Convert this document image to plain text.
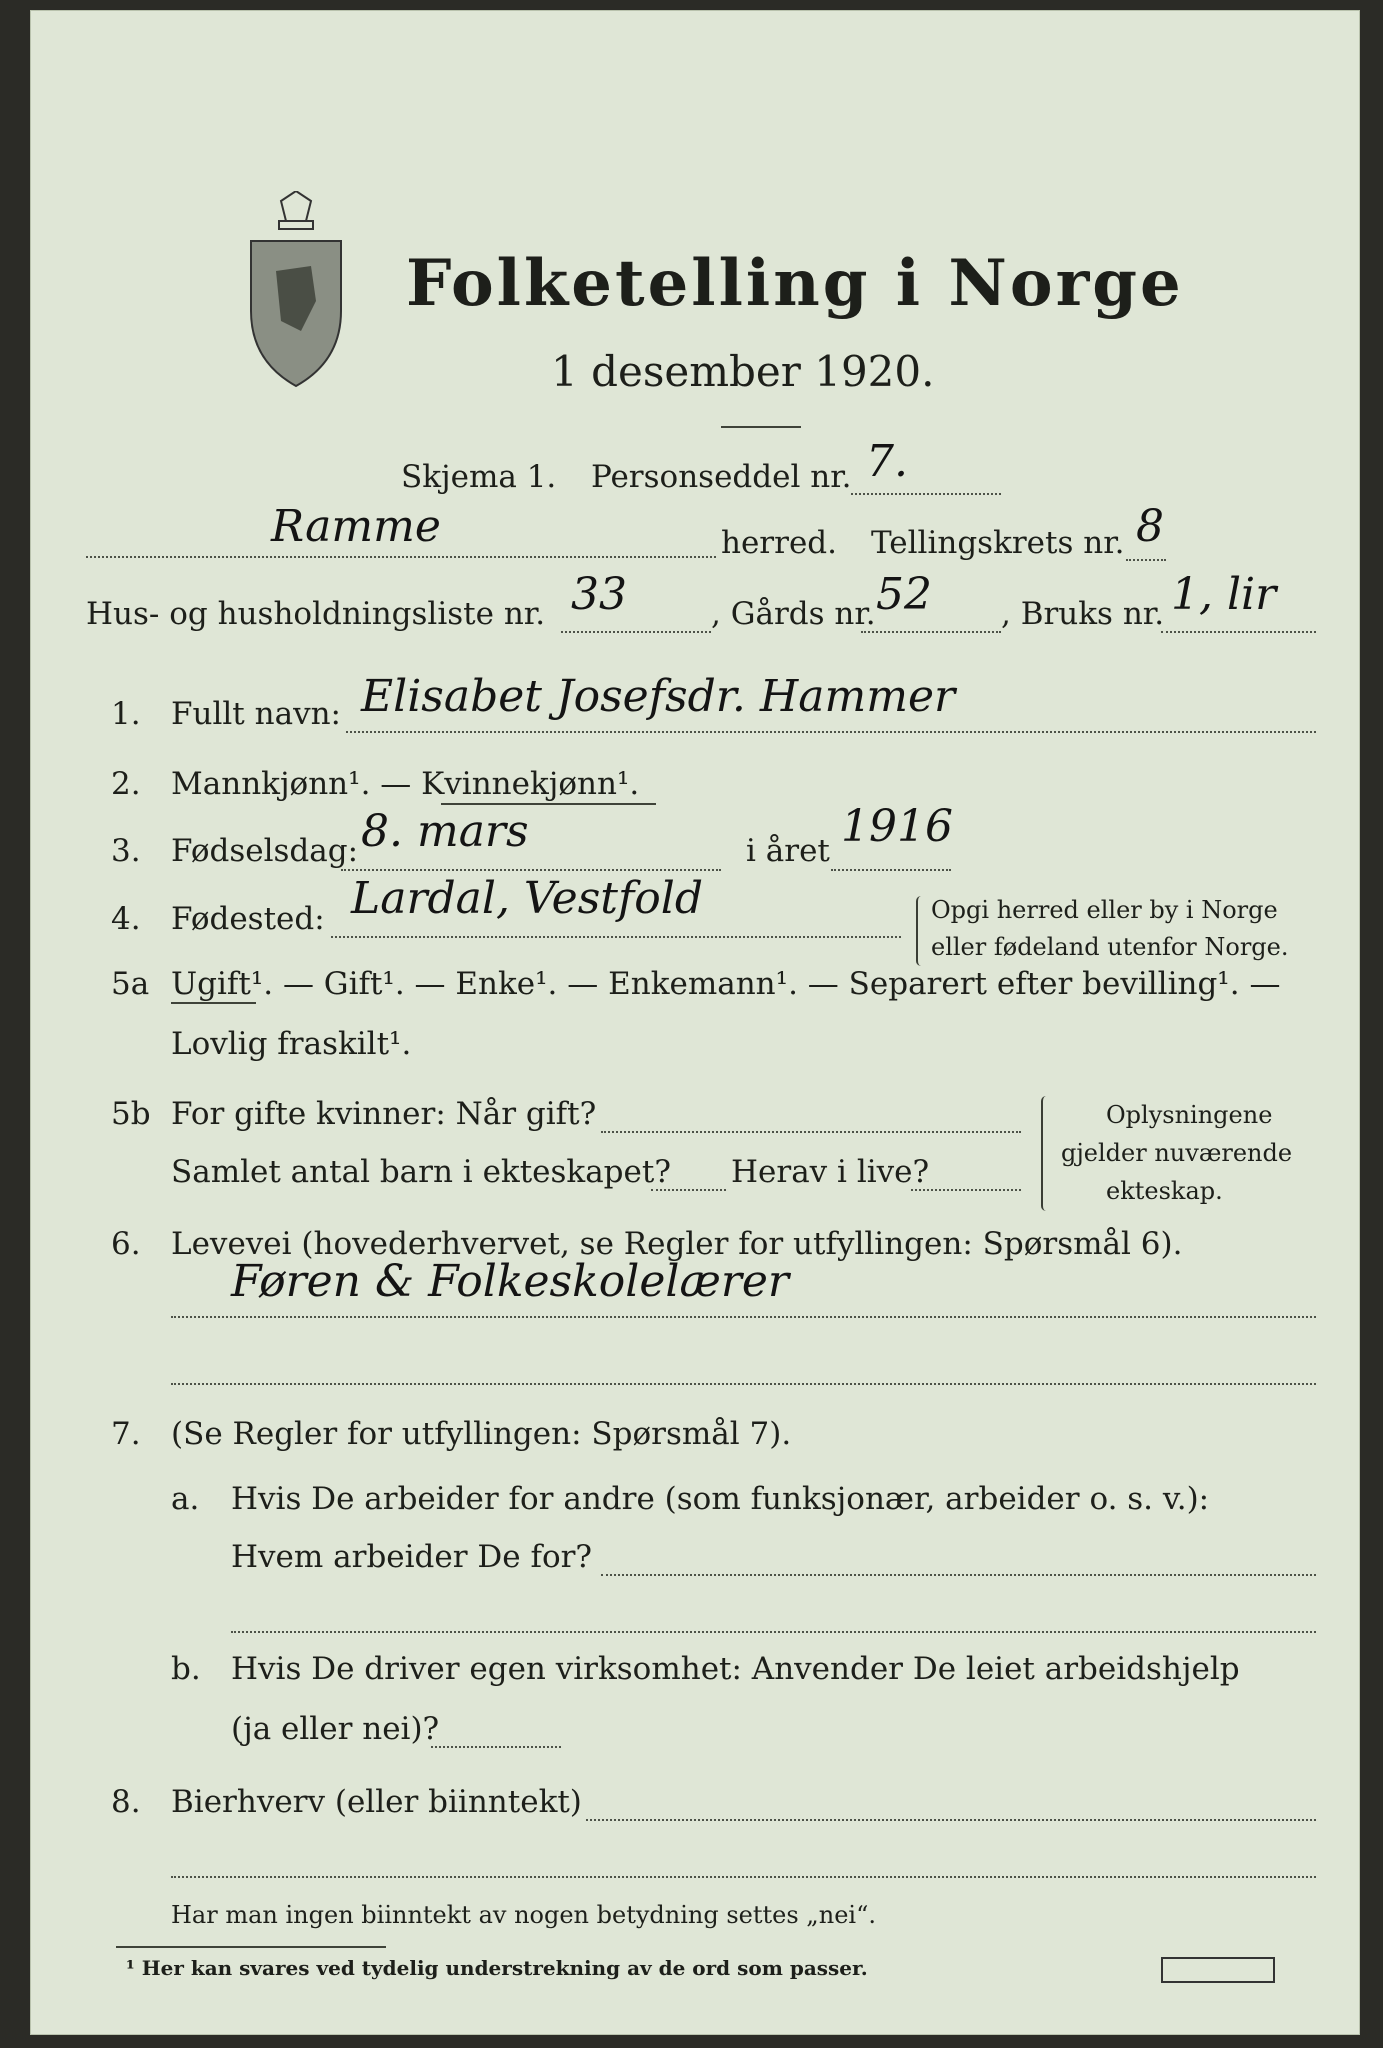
Folketelling i Norge
1 desember 1920.
Skjema 1. Personseddel nr. 7.
Ramme	herred. Tellingskrets nr. 8
Hus- og husholdningsliste nr. 33	, Gårds nr. 52 , Bruks nr. 1, lir
1. Fullt navn: Elisabet Josefsdr. Hammer
2. Mannkjønn¹. — Kvinnekjønn¹.
3. Fødselsdag: 8. mars	i året 1916
4. Fødested: Lardal, Vestfold	Opgi herred eller by i Norge
eller fødeland utenfor Norge.
5a Ugift¹. — Gift¹. — Enke¹. — Enkemann¹. — Separert efter bevilling¹. —
Lovlig fraskilt¹.
5b For gifte kvinner: Når gift?
Samlet antal barn i ekteskapet? Herav i live?
Oplysningene
gjelder nuværende
ekteskap.
6. Levevei (hovederhvervet, se Regler for utfyllingen: Spørsmål 6).
Føren & Folkeskolelærer
7. (Se Regler for utfyllingen: Spørsmål 7).
a. Hvis De arbeider for andre (som funksjonær, arbeider o. s. v.):
Hvem arbeider De for?
b. Hvis De driver egen virksomhet: Anvender De leiet arbeidshjelp
(ja eller nei)?
8. Bierhverv (eller biinntekt)
Har man ingen biinntekt av nogen betydning settes „nei“.
¹ Her kan svares ved tydelig understrekning av de ord som passer.
